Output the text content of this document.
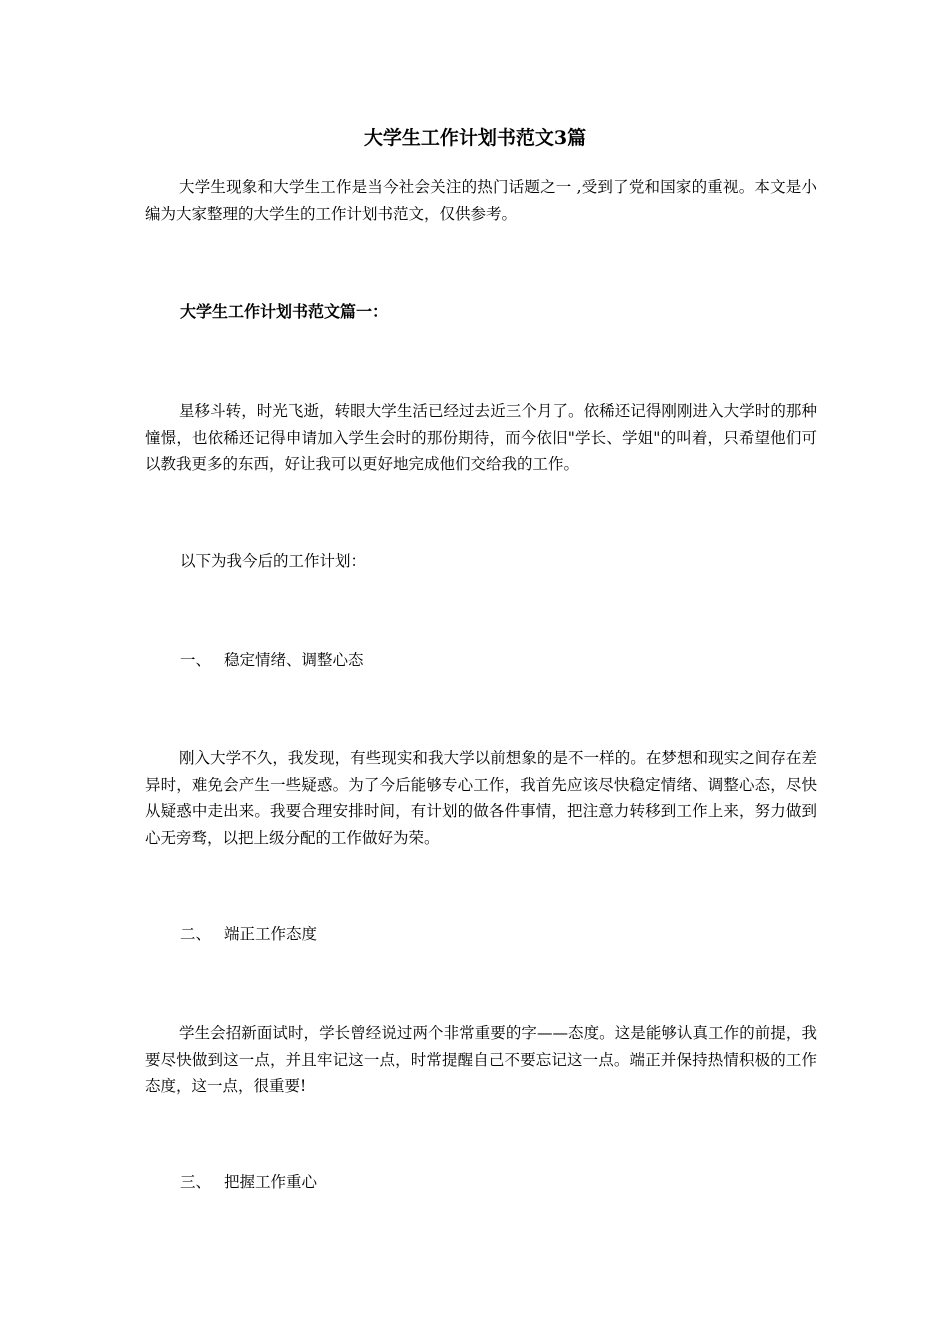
大学生工作计划书范文3篇

大学生现象和大学生工作是当今社会关注的热门话题之一 ,受到了党和国家的重视。本文是小编为大家整理的大学生的工作计划书范文，仅供参考。

大学生工作计划书范文篇一：

星移斗转，时光飞逝，转眼大学生活已经过去近三个月了。依稀还记得刚刚进入大学时的那种憧憬，也依稀还记得申请加入学生会时的那份期待，而今依旧"学长、学姐"的叫着，只希望他们可以教我更多的东西，好让我可以更好地完成他们交给我的工作。

以下为我今后的工作计划：
一、 稳定情绪、调整心态

刚入大学不久，我发现，有些现实和我大学以前想象的是不一样的。在梦想和现实之间存在差异时，难免会产生一些疑惑。为了今后能够专心工作，我首先应该尽快稳定情绪、调整心态，尽快从疑惑中走出来。我要合理安排时间，有计划的做各件事情，把注意力转移到工作上来，努力做到心无旁骛，以把上级分配的工作做好为荣。

二、 端正工作态度

学生会招新面试时，学长曾经说过两个非常重要的字——态度。这是能够认真工作的前提，我要尽快做到这一点，并且牢记这一点，时常提醒自己不要忘记这一点。端正并保持热情积极的工作态度，这一点，很重要!

三、 把握工作重心
